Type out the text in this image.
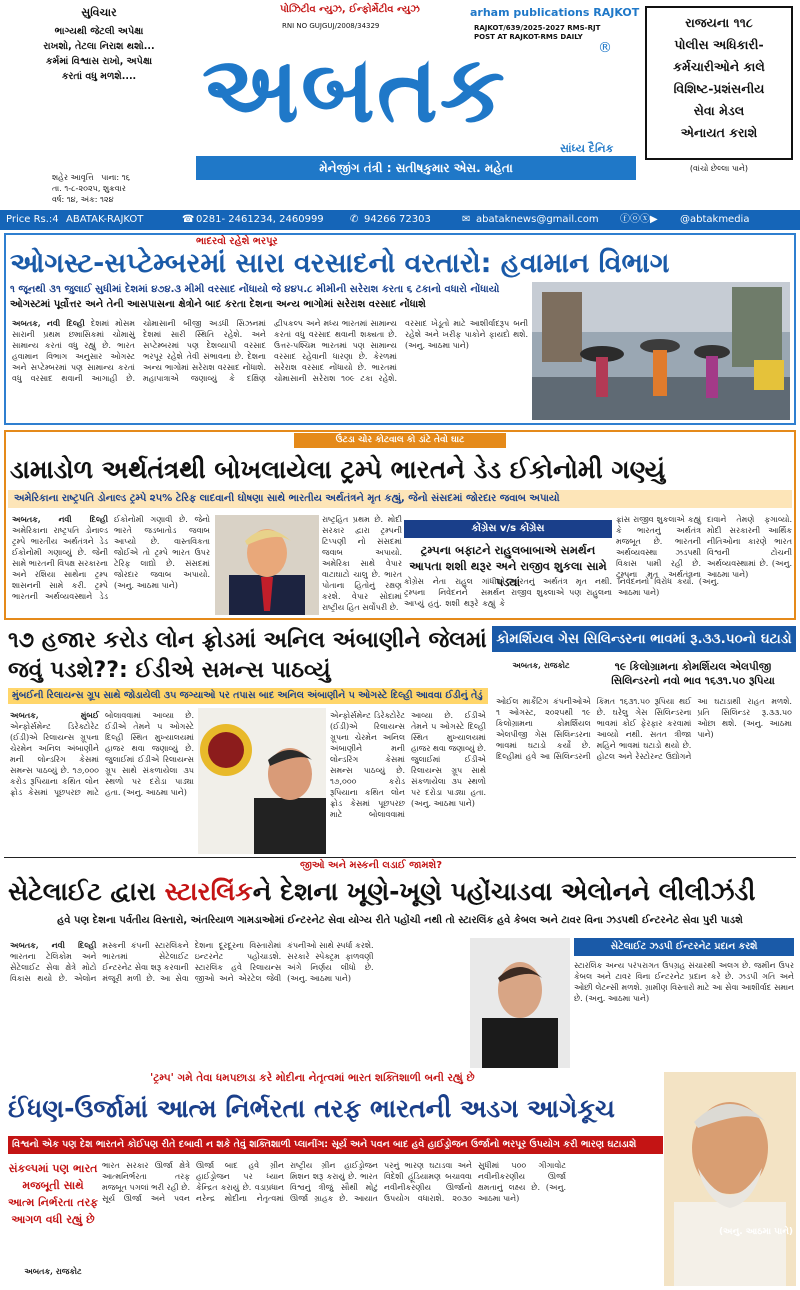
સુવિચાર
ભાગ્યથી જેટલી અપેક્ષા
રાખશો, તેટલા નિરાશ થશો...
કર્મમાં વિશ્વાસ રાખો, અપેક્ષા
કરતાં વધુ મળશે....
શહેર આવૃત્તિ પાના: ૧૬
તા. ૧-૮-૨૦૨૫, શુક્રવાર
વર્ષ: ૧૪, અંક: ૧૨૪
પોઝિટીવ ન્યુઝ, ઈન્ફોર્મેટીવ ન્યુઝ
RNI NO GUJGUJ/2008/34329
અબતક	®
arham publications RAJKOT
RAJKOT/639/2025-2027 RMS-RJT
POST AT RAJKOT-RMS DAILY
સાંધ્ય દૈનિક
મેનેજીંગ તંત્રી : સતીષકુમાર એસ. મહેતા
રાજયના ૧૧૮
પોલીસ અધિકારી-
કર્મચારીઓને કાલે
વિશિષ્ટ-પ્રશંસનીય
સેવા મેડલ
એનાયત કરાશે
(વાંચો છેલ્લા પાને)
Price Rs.:4 ABATAK-RAJKOT	☎ 0281- 2461234, 2460999	✆ 94266 72303	✉ abataknews@gmail.com ⓕⓞⓧ▶ @abtakmedia
ભાદરવો રહેશે ભરપૂર
ઓગસ્ટ-સપ્ટેમ્બરમાં સારા વરસાદનો વરતારો: હવામાન વિભાગ
૧ જૂનથી ૩૧ જુલાઈ સુધીમાં દેશમાં ૪૭૪.૩ મીમી વરસાદ નોંધાયો જે ૪૪૫.૮ મીમીની સરેરાશ કરતા ૬ ટકાનો વધારો નોંધાયો
ઓગસ્ટમાં પૂર્વોત્તર અને તેની આસપાસના ક્ષેત્રોને બાદ કરતા દેશના અન્ય ભાગોમાં સરેરાશ વરસાદ નોંધાશે
અબતક, નવી દિલ્હી દેશમાં મોસમ સારાની પ્રથમ છમાસિકમાં ચોમાસું સામાન્ય કરતાં વધુ રહ્યું છે. ભારત હવામાન વિભાગ અનુસાર ઓગસ્ટ અને સપ્ટેમ્બરમાં પણ સામાન્ય કરતાં વધુ વરસાદ થવાની આગાહી છે. ચોમાસાની બીજી અડધી સિઝનમાં દેશમાં સારી સ્થિતિ રહેશે. અને સપ્ટેમ્બરમાં પણ દેશવ્યાપી વરસાદ ભરપૂર રહેશે તેવી સંભાવના છે. દેશના અન્ય ભાગોમાં સરેરાશ વરસાદ નોંધાશે. મહાપાત્રાએ જણાવ્યું કે દક્ષિણ દ્વીપકલ્પ અને મધ્ય ભારતમાં સામાન્ય કરતાં વધુ વરસાદ થવાની શક્યતા છે. ઉત્તર-પશ્ચિમ ભારતમાં પણ સામાન્ય વરસાદ રહેવાની ધારણા છે. કેરળમાં સરેરાશ વરસાદ નોંધાયો છે. ભારતમાં ચોમાસાની સરેરાશ ૧૦૯ ટકા રહેશે. વરસાદ ખેડૂતો માટે આશીર્વાદરૂપ બની રહેશે અને ખરીફ પાકોને ફાયદો થશે. (અનુ. આઠમા પાને)
ઉંટડા ચોર કોટવાલ કો ડાંટે તેવો ઘાટ
ડામાડોળ અર્થતંત્રથી બોખલાયેલા ટ્રમ્પે ભારતને ડેડ ઈકોનોમી ગણ્યું
અમેરિકાના રાષ્ટ્રપતિ ડોનાલ્ડ ટ્રમ્પે ૨૫% ટેરિફ લાદવાની ઘોષણા સાથે ભારતીય અર્થતંત્રને મૃત કહ્યું, જેનો સંસદમાં જોરદાર જવાબ અપાયો
અબતક, નવી દિલ્હી અમેરિકાના રાષ્ટ્રપતિ ડોનાલ્ડ ટ્રમ્પે ભારતીય અર્થતંત્રને ડેડ ઈકોનોમી ગણાવ્યું છે. જેની સામે ભારતની વિપક્ષ સરકારના અને રશિયા સાથેના ટ્રમ્પ શાસનની સામે કરી. ટ્રમ્પે ભારતની અર્થવ્યવસ્થાને ડેડ ઈકોનોમી ગણાવી છે. જેનો ભારતે જડબાતોડ જવાબ આપ્યો છે. વાસ્તવિકતા જોઈએ તો ટ્રમ્પે ભારત ઉપર ટેરિફ લાદ્યો છે. સંસદમાં જોરદાર જવાબ અપાયો. (અનુ. આઠમા પાને)
રાષ્ટ્રહિત પ્રથમ છે. મોદી સરકાર દ્વારા ટ્રમ્પની ટિપ્પણી નો સંસદમાં જવાબ અપાયો. અમેરિકા સાથે વેપાર વાટાઘાટો ચાલુ છે. ભારત પોતાના હિતોનું રક્ષણ કરશે. વેપાર સોદામાં રાષ્ટ્રીય હિત સર્વોપરી છે.
કોંગ્રેસ v/s કોંગ્રેસ
ટ્રમ્પના બફાટને રાહુલબાબાએ સમર્થન આપતા શશી થરૂર અને રાજીવ શુકલા સામે પડ્યાં
કોંગ્રેસ નેતા રાહુલ ગાંધીએ ટ્રમ્પના નિવેદનને સમર્થન આપ્યું હતું. શશી થરૂરે કહ્યું કે ભારતનું અર્થતંત્ર મૃત નથી. રાજીવ શુક્લાએ પણ રાહુલના નિવેદનનો વિરોધ કર્યો. (અનુ. આઠમા પાને)
ફ્રાંસ રાજીવ શુકલાએ કહ્યું કે ભારતનું અર્થતંત્ર મજબૂત છે. ભારતની અર્થવ્યવસ્થા ઝડપથી વિકાસ પામી રહી છે. ટ્રમ્પના મૃત અર્થતંત્રના દાવાને તેમણે ફગાવ્યો. મોદી સરકારની આર્થિક નીતિઓના કારણે ભારત વિશ્વની ટોચની અર્થવ્યવસ્થામાં છે. (અનુ. આઠમા પાને)
૧૭ હજાર કરોડ લોન ફ્રોડમાં અનિલ અંબાણીને જેલમાં જવું પડશે??: ઈડીએ સમન્સ પાઠવ્યું
મુંબઈની રિલાયન્સ ગ્રૂપ સાથે જોડાયેલી ૩૫ જગ્યાઓ પર તપાસ બાદ અનિલ અંબાણીને ૫ ઓગસ્ટે દિલ્હી આવવા ઈડીનું તેડું
અબતક, મુંબઈ એન્ફોર્સમેન્ટ ડિરેક્ટોરેટ (ઈડી)એ રિલાયન્સ ગ્રૂપના ચેરમેન અનિલ અંબાણીને મની લોન્ડરિંગ કેસમાં સમન્સ પાઠવ્યું છે. ૧૭,૦૦૦ કરોડ રૂપિયાના કથિત લોન ફ્રોડ કેસમાં પૂછપરછ માટે બોલાવવામાં આવ્યા છે. ઈડીએ તેમને ૫ ઓગસ્ટે દિલ્હી સ્થિત મુખ્યાલયમાં હાજર થવા જણાવ્યું છે. જુલાઈમાં ઈડીએ રિલાયન્સ ગ્રૂપ સાથે સંકળાયેલા ૩૫ સ્થળો પર દરોડા પાડ્યા હતા. (અનુ. આઠમા પાને)
એન્ફોર્સમેન્ટ ડિરેક્ટોરેટ (ઈડી)એ રિલાયન્સ ગ્રૂપના ચેરમેન અનિલ અંબાણીને મની લોન્ડરિંગ કેસમાં સમન્સ પાઠવ્યું છે. ૧૭,૦૦૦ કરોડ રૂપિયાના કથિત લોન ફ્રોડ કેસમાં પૂછપરછ માટે બોલાવવામાં આવ્યા છે. ઈડીએ તેમને ૫ ઓગસ્ટે દિલ્હી સ્થિત મુખ્યાલયમાં હાજર થવા જણાવ્યું છે. જુલાઈમાં ઈડીએ રિલાયન્સ ગ્રૂપ સાથે સંકળાયેલા ૩૫ સ્થળો પર દરોડા પાડ્યા હતા. (અનુ. આઠમા પાને)
કોમર્શિયલ ગેસ સિલિન્ડરના ભાવમાં રૂ.૩૩.૫૦નો ઘટાડો
અબતક, રાજકોટ	૧૯ કિલોગ્રામના કોમર્શિયલ એલપીજી સિલિન્ડરનો નવો ભાવ ૧૬૩૧.૫૦ રૂપિયા
ઓઈલ માર્કેટિંગ કંપનીઓએ ૧ ઓગસ્ટ, ૨૦૨૫થી ૧૯ કિલોગ્રામના કોમર્શિયલ એલપીજી ગેસ સિલિન્ડરના ભાવમાં ઘટાડો કર્યો છે. દિલ્હીમાં હવે આ સિલિન્ડરની કિંમત ૧૬૩૧.૫૦ રૂપિયા થઈ છે. ઘરેલુ ગેસ સિલિન્ડરના ભાવમાં કોઈ ફેરફાર કરવામાં આવ્યો નથી. સતત ત્રીજા મહિને ભાવમાં ઘટાડો થયો છે. હોટલ અને રેસ્ટોરન્ટ ઉદ્યોગને આ ઘટાડાથી રાહત મળશે. પ્રતિ સિલિન્ડર રૂ.૩૩.૫૦ ઓછા થશે. (અનુ. આઠમા પાને)
જીઓ અને મસ્કની લડાઈ જામશે?
સેટેલાઈટ દ્વારા સ્ટારલિંકને દેશના ખૂણે-ખૂણે પહોંચાડવા એલોનને લીલીઝંડી
હવે પણ દેશના પર્વતીય વિસ્તારો, અંતરિયાળ ગામડાઓમાં ઈન્ટરનેટ સેવા યોગ્ય રીતે પહોંચી નથી તો સ્ટારલિંક હવે કેબલ અને ટાવર વિના ઝડપથી ઈન્ટરનેટ સેવા પુરી પાડશે
અબતક, નવી દિલ્હી ભારતના ટેલિકોમ અને સેટેલાઈટ સેવા ક્ષેત્રે મોટો વિકાસ થયો છે. એલોન મસ્કની કંપની સ્ટારલિંકને ભારતમાં સેટેલાઈટ ઈન્ટરનેટ સેવા શરૂ કરવાની મંજૂરી મળી છે. આ સેવા દેશના દૂરદૂરના વિસ્તારોમાં ઇન્ટરનેટ પહોંચાડશે. સ્ટારલિંક હવે રિલાયન્સ જીઓ અને એરટેલ જેવી કંપનીઓ સાથે સ્પર્ધા કરશે. સરકારે સ્પેક્ટ્રમ ફાળવણી અંગે નિર્ણય લીધો છે. (અનુ. આઠમા પાને)
સેટેલાઈટ ઝડપી ઈન્ટરનેટ પ્રદાન કરશે
સ્ટારલિંક અન્ય પરંપરાગત ઉપગ્રહ સંચારથી અલગ છે. જમીન ઉપર કેબલ અને ટાવર વિના ઈન્ટરનેટ પ્રદાન કરે છે. ઝડપી ગતિ અને ઓછી લેટન્સી મળશે. ગ્રામીણ વિસ્તારો માટે આ સેવા આશીર્વાદ સમાન છે. (અનુ. આઠમા પાને)
'ટ્રમ્પ' ગમે તેવા ધમપછાડા કરે મોદીના નેતૃત્વમાં ભારત શક્તિશાળી બની રહ્યું છે
ઈંધણ-ઉર્જામાં આત્મ નિર્ભરતા તરફ ભારતની અડગ આગેકૂચ
વિશ્વનો એક પણ દેશ ભારતને કોઈપણ રીતે દબાવી ન શકે તેવું શક્તિશાળી પ્લાનીંગ: સૂર્ય અને પવન બાદ હવે હાઈડ્રોજન ઉર્જાનો ભરપૂર ઉપયોગ કરી ભારણ ઘટાડાશે
સંકલ્પમાં પણ ભારત મજબૂતી સાથે આત્મ નિર્ભરતા તરફ આગળ વધી રહ્યું છે
અબતક, રાજકોટ
ભારત સરકાર ઊર્જા ક્ષેત્રે આત્મનિર્ભરતા તરફ મજબૂત પગલાં ભરી રહી છે. સૂર્ય ઊર્જા અને પવન ઊર્જા બાદ હવે ગ્રીન હાઈડ્રોજન પર ધ્યાન કેન્દ્રિત કરાયું છે. વડાપ્રધાન નરેન્દ્ર મોદીના નેતૃત્વમાં રાષ્ટ્રીય ગ્રીન હાઈડ્રોજન મિશન શરૂ કરાયું છે. ભારત વિશ્વનું ત્રીજું સૌથી મોટું ઊર્જા ગ્રાહક છે. આયાત પરનું ભારણ ઘટાડવા અને વિદેશી હૂંડિયામણ બચાવવા નવીનીકરણીય ઊર્જાનો ઉપયોગ વધારાશે. ૨૦૩૦ સુધીમાં ૫૦૦ ગીગાવોટ નવીનીકરણીય ઊર્જા ક્ષમતાનું લક્ષ્ય છે. (અનુ. આઠમા પાને)
(અનુ. આઠમા પાને)
